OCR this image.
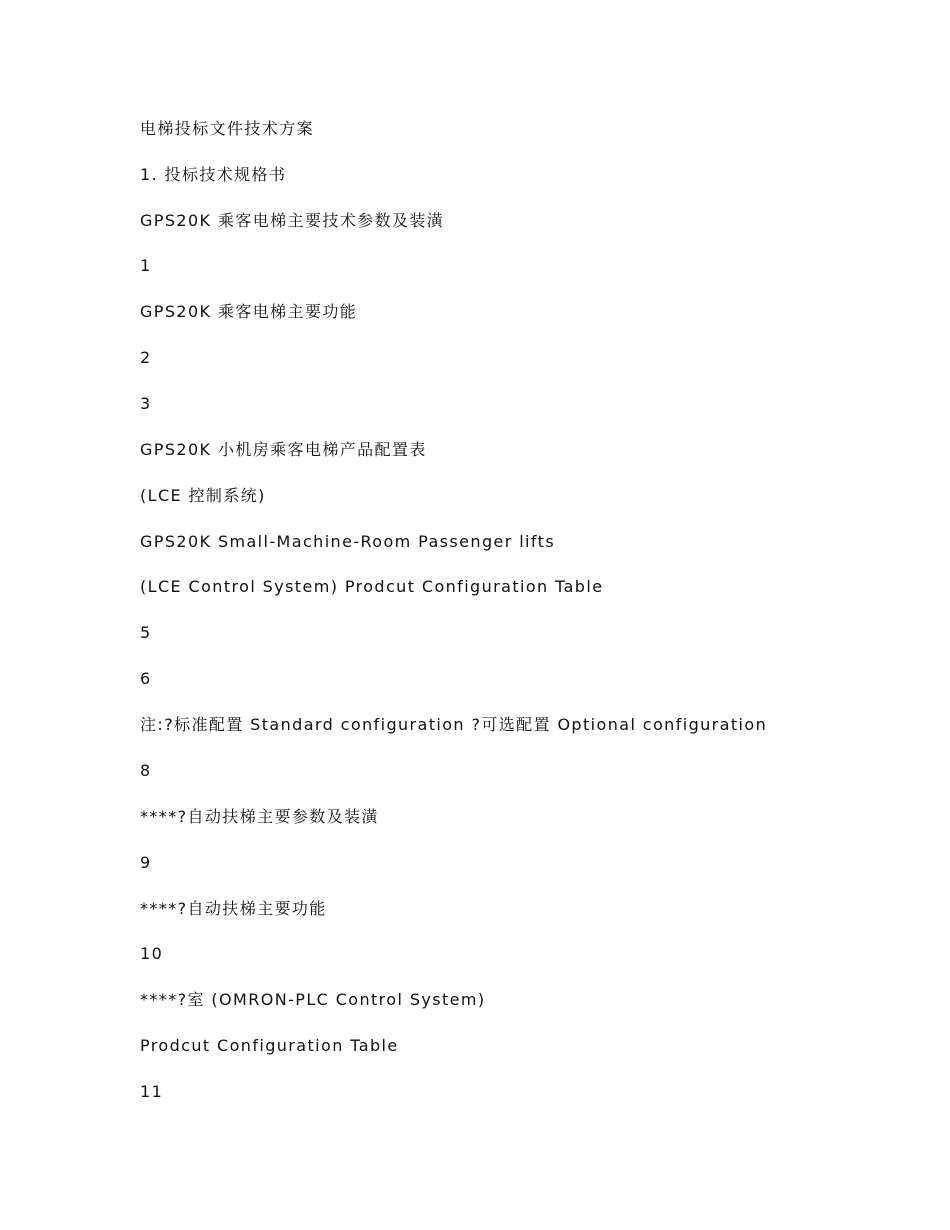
电梯投标文件技术方案
1. 投标技术规格书
GPS20K 乘客电梯主要技术参数及装潢
1
GPS20K 乘客电梯主要功能
2
3
GPS20K 小机房乘客电梯产品配置表
(LCE 控制系统)
GPS20K Small-Machine-Room Passenger lifts
(LCE Control System) Prodcut Configuration Table
5
6
注:?标准配置 Standard configuration ?可选配置 Optional configuration
8
****?自动扶梯主要参数及装潢
9
****?自动扶梯主要功能
10
****?室 (OMRON-PLC Control System)
Prodcut Configuration Table
11
